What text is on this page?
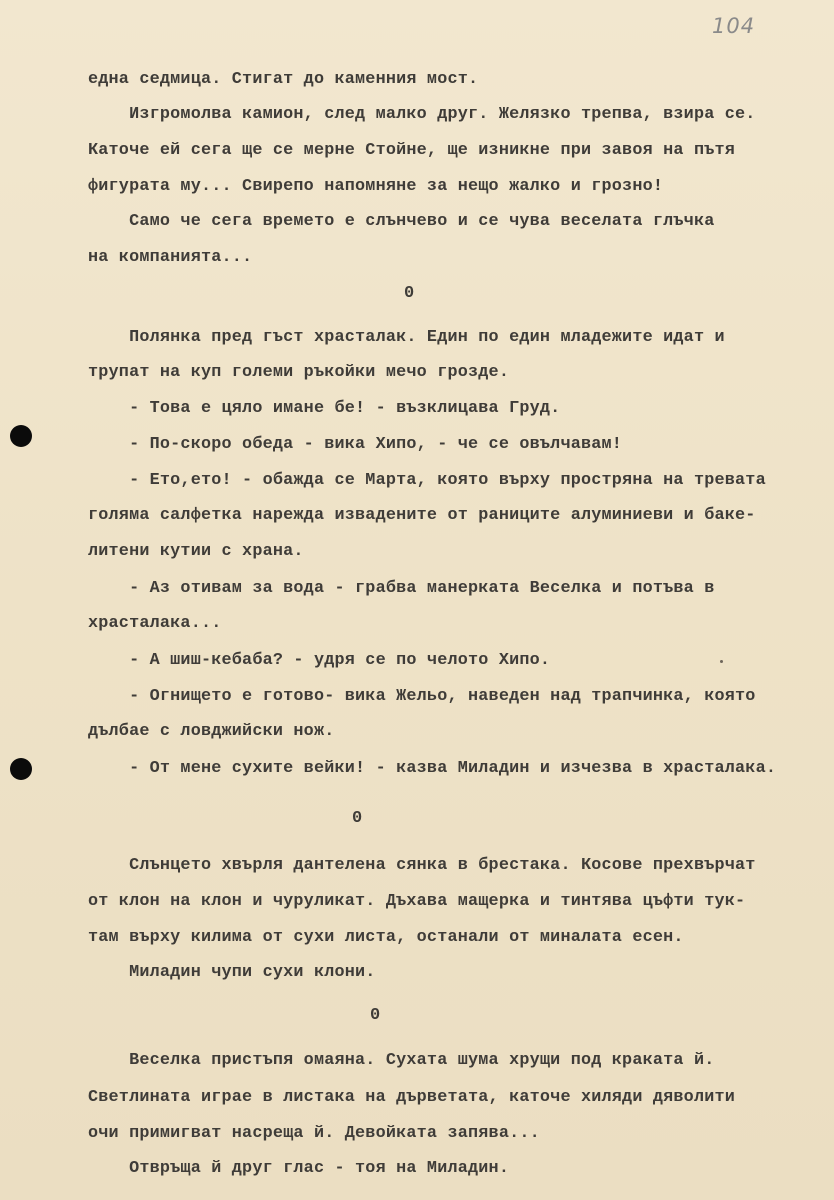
104
една седмица. Стигат до каменния мост.
Изгромолва камион, след малко друг. Желязко трепва, взира се.
Каточе ей сега ще се мерне Стойне, ще изникне при завоя на пътя
фигурата му... Свирепо напомняне за нещо жалко и грозно!
Само че сега времето е слънчево и се чува веселата глъчка
на компанията...
0
Полянка пред гъст храсталак. Един по един младежите идат и
трупат на куп големи ръкойки мечо грозде.
- Това е цяло имане бе! - възклицава Груд.
- По-скоро обеда - вика Хипо, - че се овълчавам!
- Ето,ето! - обажда се Марта, която върху простряна на тревата
голяма салфетка нарежда извадените от раниците алуминиеви и баке-
литени кутии с храна.
- Аз отивам за вода - грабва манерката Веселка и потъва в
храсталака...
- А шиш-кебаба? - удря се по челото Хипо.
- Огнището е готово- вика Жельо, наведен над трапчинка, която
дълбае с ловджийски нож.
- От мене сухите вейки! - казва Миладин и изчезва в храсталака.
0
Слънцето хвърля дантелена сянка в брестака. Косове прехвърчат
от клон на клон и чуруликат. Дъхава мащерка и тинтява цъфти тук-
там върху килима от сухи листа, останали от миналата есен.
Миладин чупи сухи клони.
0
Веселка пристъпя омаяна. Сухата шума хрущи под краката й.
Светлината играе в листака на дърветата, каточе хиляди дяволити
очи примигват насреща й. Девойката запява...
Отвръща й друг глас - тоя на Миладин.
